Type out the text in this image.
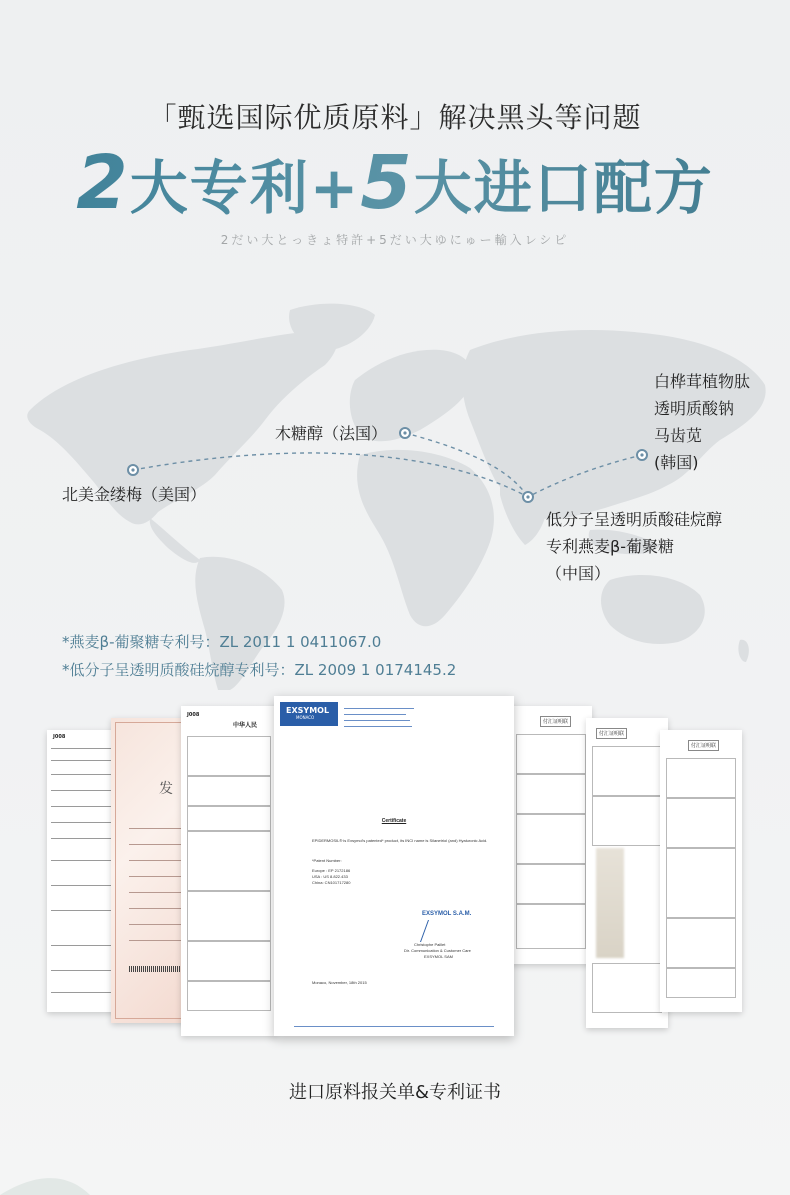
「甄选国际优质原料」解决黑头等问题
2大专利+5大进口配方
2だい大とっきょ特許+5だい大ゆにゅー輸入レシピ
白桦茸植物肽
透明质酸钠
马齿苋
(韩国)
木糖醇（法国）
北美金缕梅（美国）
低分子呈透明质酸硅烷醇
专利燕麦β-葡聚糖
（中国）
*燕麦β-葡聚糖专利号：ZL 2011 1 0411067.0
*低分子呈透明质酸硅烷醇专利号：ZL 2009 1 0174145.2
J008
发
J008
中华人民
EXSYMOL
MONACO
Certificate
EPIDERMOSIL® is Exsymol's patented* product, its INCI name is Silanetriol (and) Hyaluronic Acid.
*Patent Number:
Europe : EP 2172186
USA : US 8.822.433
China: CN101717280
EXSYMOL S.A.M.
Christophe Paillet
Dir. Communication & Customer Care
EXSYMOL SAM
Monaco, November, 18th 2015
付汇证明联
付汇证明联
付汇证明联
进口原料报关单&专利证书
